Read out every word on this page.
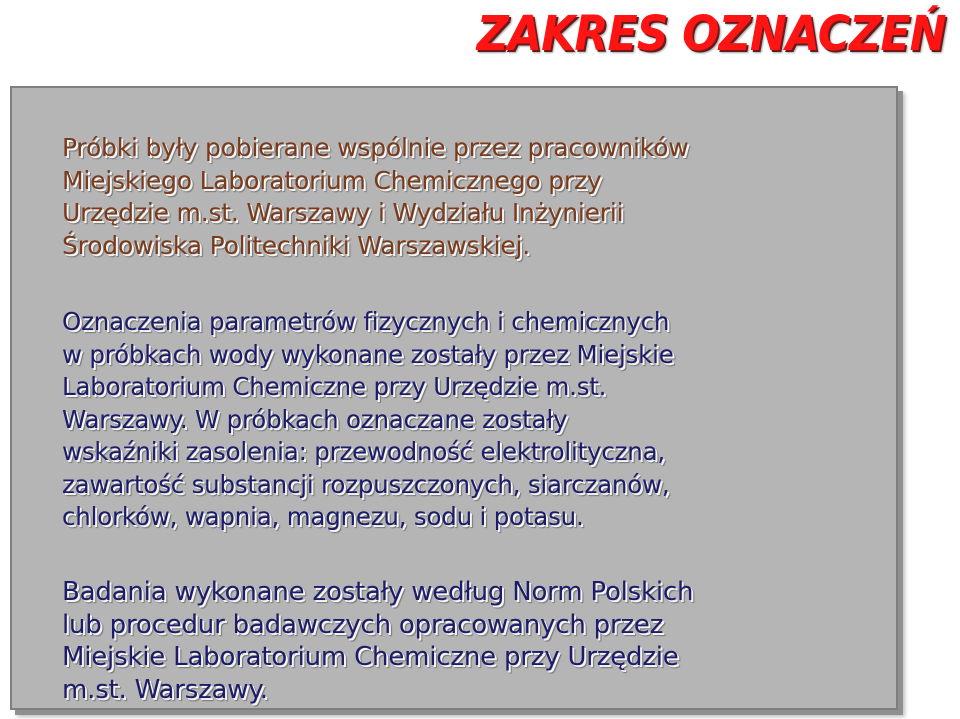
ZAKRES OZNACZEŃ

Próbki były pobierane wspólnie przez pracowników
Miejskiego Laboratorium Chemicznego przy
Urzędzie m.st. Warszawy i Wydziału Inżynierii
Środowiska Politechniki Warszawskiej.

Oznaczenia parametrów fizycznych i chemicznych
w próbkach wody wykonane zostały przez Miejskie
Laboratorium Chemiczne przy Urzędzie m.st.
Warszawy. W próbkach oznaczane zostały
wskaźniki zasolenia: przewodność elektrolityczna,
zawartość substancji rozpuszczonych, siarczanów,
chlorków, wapnia, magnezu, sodu i potasu.

Badania wykonane zostały według Norm Polskich
lub procedur badawczych opracowanych przez
Miejskie Laboratorium Chemiczne przy Urzędzie
m.st. Warszawy.
